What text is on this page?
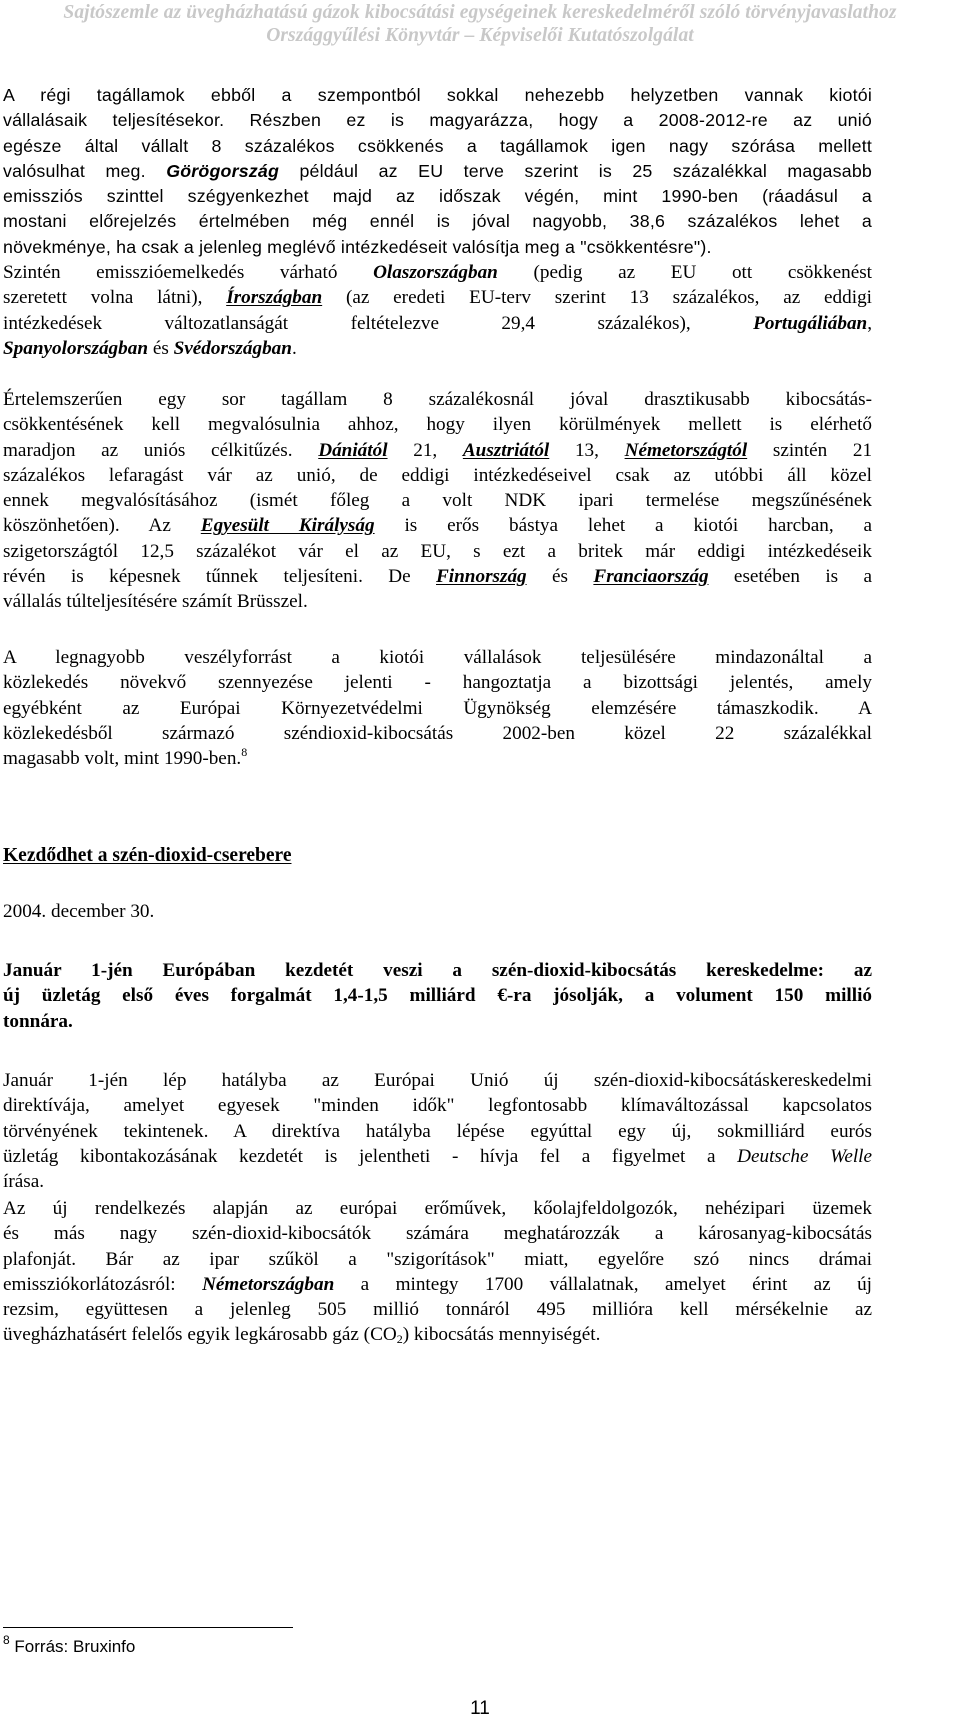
Sajtószemle az üvegházhatású gázok kibocsátási egységeinek kereskedelméről szóló törvényjavaslathoz
Országgyűlési Könyvtár – Képviselői Kutatószolgálat
A régi tagállamok ebből a szempontból sokkal nehezebb helyzetben vannak kiotói
vállalásaik teljesítésekor. Részben ez is magyarázza, hogy a 2008-2012-re az unió
egésze által vállalt 8 százalékos csökkenés a tagállamok igen nagy szórása mellett
valósulhat meg. Görögország például az EU terve szerint is 25 százalékkal magasabb
emissziós szinttel szégyenkezhet majd az időszak végén, mint 1990-ben (ráadásul a
mostani előrejelzés értelmében még ennél is jóval nagyobb, 38,6 százalékos lehet a
növekménye, ha csak a jelenleg meglévő intézkedéseit valósítja meg a "csökkentésre").
Szintén emisszióemelkedés várható Olaszországban (pedig az EU ott csökkenést
szeretett volna látni), Írországban (az eredeti EU-terv szerint 13 százalékos, az eddigi
intézkedések változatlanságát feltételezve 29,4 százalékos),	Portugáliában,
Spanyolországban és Svédországban.
Értelemszerűen egy sor tagállam 8 százalékosnál jóval drasztikusabb kibocsátás-
csökkentésének kell megvalósulnia ahhoz, hogy ilyen körülmények mellett is elérhető
maradjon az uniós célkitűzés. Dániától 21, Ausztriától 13, Németországtól szintén 21
százalékos lefaragást vár az unió, de eddigi intézkedéseivel csak az utóbbi áll közel
ennek megvalósításához (ismét főleg a volt NDK ipari termelése megszűnésének
köszönhetően). Az Egyesült Királyság is erős bástya lehet a kiotói harcban, a
szigetországtól 12,5 százalékot vár el az EU, s ezt a britek már eddigi intézkedéseik
révén is képesnek tűnnek teljesíteni. De Finnország és Franciaország esetében is a
vállalás túlteljesítésére számít Brüsszel.
A legnagyobb veszélyforrást a kiotói vállalások teljesülésére mindazonáltal a
közlekedés növekvő szennyezése jelenti - hangoztatja a bizottsági jelentés, amely
egyébként az Európai Környezetvédelmi Ügynökség elemzésére támaszkodik. A
közlekedésből származó széndioxid-kibocsátás 2002-ben közel 22 százalékkal
magasabb volt, mint 1990-ben.$^8$
Kezdődhet a szén-dioxid-cserebere
2004. december 30.
Január 1-jén Európában kezdetét veszi a szén-dioxid-kibocsátás kereskedelme: az
új üzletág első éves forgalmát 1,4-1,5 milliárd €-ra jósolják, a volument 150 millió
tonnára.
Január 1-jén lép hatályba az Európai Unió új szén-dioxid-kibocsátáskereskedelmi
direktívája, amelyet egyesek "minden idők" legfontosabb klímaváltozással kapcsolatos
törvényének tekintenek. A direktíva hatályba lépése egyúttal egy új, sokmilliárd eurós
üzletág kibontakozásának kezdetét is jelentheti - hívja fel a figyelmet a Deutsche Welle
írása.
Az új rendelkezés alapján az európai erőművek, kőolajfeldolgozók, nehézipari üzemek
és más nagy szén-dioxid-kibocsátók számára meghatározzák a károsanyag-kibocsátás
plafonját. Bár az ipar szűköl a "szigorítások" miatt, egyelőre szó nincs drámai
emissziókorlátozásról: Németországban a mintegy 1700 vállalatnak, amelyet érint az új
rezsim, együttesen a jelenleg 505 millió tonnáról 495 millióra kell mérsékelnie az
üvegházhatásért felelős egyik legkárosabb gáz $(CO_2)$ kibocsátás mennyiségét.
$^8$ Forrás: Bruxinfo
11
